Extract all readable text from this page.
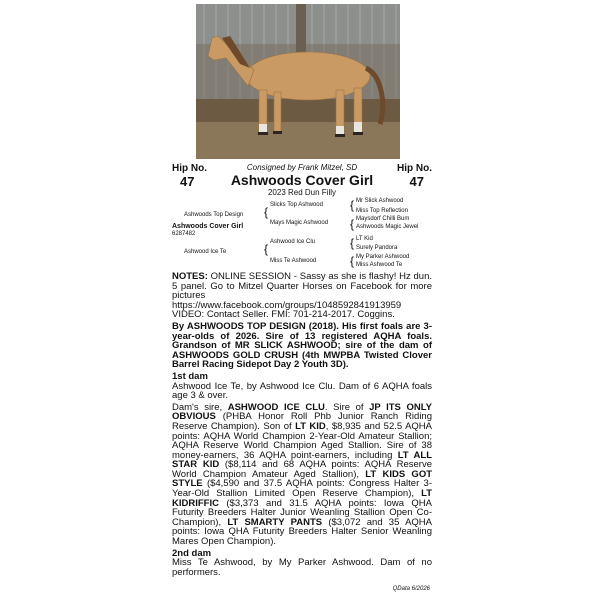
Consigned by Frank Mitzel, SD
Hip No.	Hip No.
47	47
Ashwoods Cover Girl
2023 Red Dun Filly
Ashwoods Top Design
Ashwoods Cover Girl
6287482
Ashwood Ice Te
{ Slicks Top Ashwood
Mays Magic Ashwood
{ Ashwood Ice Clu
Miss Te Ashwood
{ Mr Slick Ashwood
Miss Top Reflection
{ Maysdorf Chilli Bum
Ashwoods Magic Jewel
{ LT Kid
Surely Pandora
{ My Parker Ashwood
Miss Ashwood Te

NOTES: ONLINE SESSION - Sassy as she is flashy! Hz dun. 5 panel. Go to Mitzel Quarter Horses on Facebook for more pictures https://www.facebook.com/groups/1048592841913959 VIDEO: Contact Seller. FMI: 701-214-2017. Coggins.

By ASHWOODS TOP DESIGN (2018). His first foals are 3-year-olds of 2026. Sire of 13 registered AQHA foals. Grandson of MR SLICK ASHWOOD; sire of the dam of ASHWOODS GOLD CRUSH (4th MWPBA Twisted Clover Barrel Racing Sidepot Day 2 Youth 3D).

1st dam
Ashwood Ice Te, by Ashwood Ice Clu. Dam of 6 AQHA foals age 3 & over.

Dam's sire, ASHWOOD ICE CLU. Sire of JP ITS ONLY OBVIOUS (PHBA Honor Roll Phb Junior Ranch Riding Reserve Champion). Son of LT KID, $8,935 and 52.5 AQHA points: AQHA World Champion 2-Year-Old Amateur Stallion; AQHA Reserve World Champion Aged Stallion. Sire of 38 money-earners, 36 AQHA point-earners, including LT ALL STAR KID ($8,114 and 68 AQHA points: AQHA Reserve World Champion Amateur Aged Stallion), LT KIDS GOT STYLE ($4,590 and 37.5 AQHA points: Congress Halter 3-Year-Old Stallion Limited Open Reserve Champion), LT KIDRIFFIC ($3,373 and 31.5 AQHA points: Iowa QHA Futurity Breeders Halter Junior Weanling Stallion Open Co-Champion), LT SMARTY PANTS ($3,072 and 35 AQHA points: Iowa QHA Futurity Breeders Halter Senior Weanling Mares Open Champion).

2nd dam
Miss Te Ashwood, by My Parker Ashwood. Dam of no performers.

QData 6/2026
